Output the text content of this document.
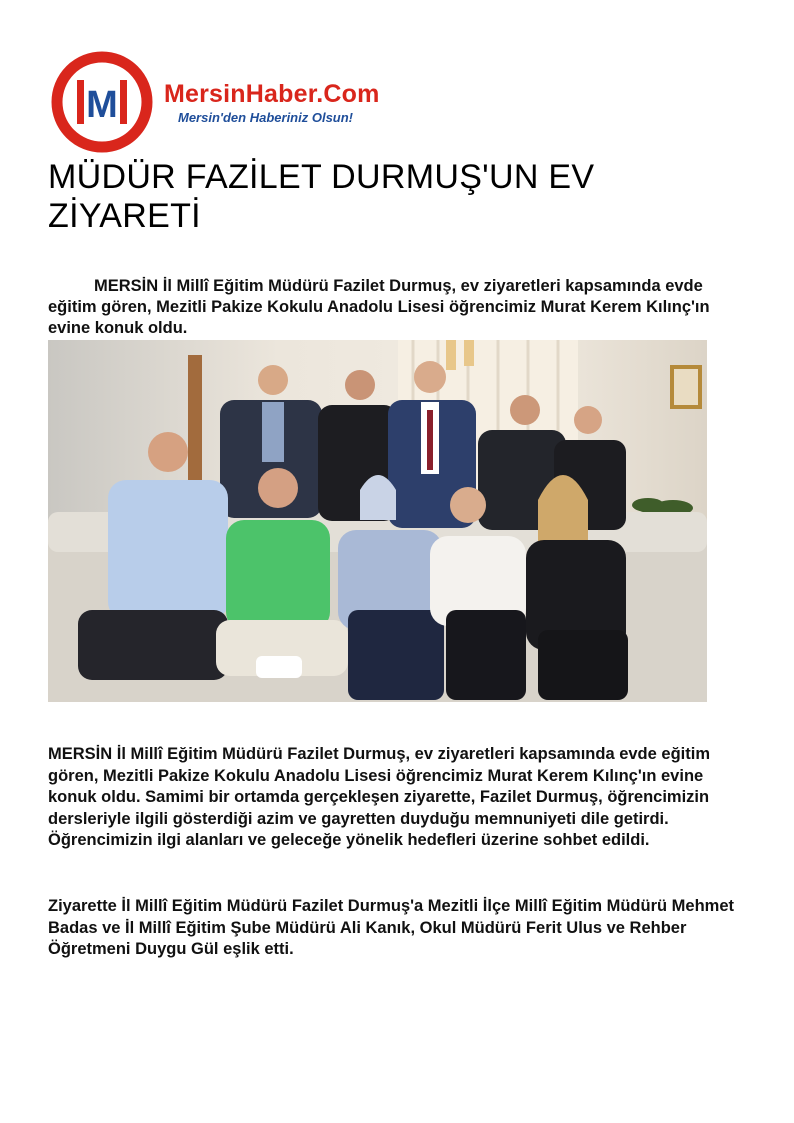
M MersinHaber.Com
Mersin'den Haberiniz Olsun!
MÜDÜR FAZİLET DURMUŞ'UN EV ZİYARETİ

MERSİN İl Millî Eğitim Müdürü Fazilet Durmuş, ev ziyaretleri kapsamında evde eğitim gören, Mezitli Pakize Kokulu Anadolu Lisesi öğrencimiz Murat Kerem Kılınç'ın evine konuk oldu.

MERSİN İl Millî Eğitim Müdürü Fazilet Durmuş, ev ziyaretleri kapsamında evde eğitim gören, Mezitli Pakize Kokulu Anadolu Lisesi öğrencimiz Murat Kerem Kılınç'ın evine konuk oldu. Samimi bir ortamda gerçekleşen ziyarette, Fazilet Durmuş, öğrencimizin dersleriyle ilgili gösterdiği azim ve gayretten duyduğu memnuniyeti dile getirdi. Öğrencimizin ilgi alanları ve geleceğe yönelik hedefleri üzerine sohbet edildi.

Ziyarette İl Millî Eğitim Müdürü Fazilet Durmuş'a Mezitli İlçe Millî Eğitim Müdürü Mehmet Badas ve İl Millî Eğitim Şube Müdürü Ali Kanık, Okul Müdürü Ferit Ulus ve Rehber Öğretmeni Duygu Gül eşlik etti.
